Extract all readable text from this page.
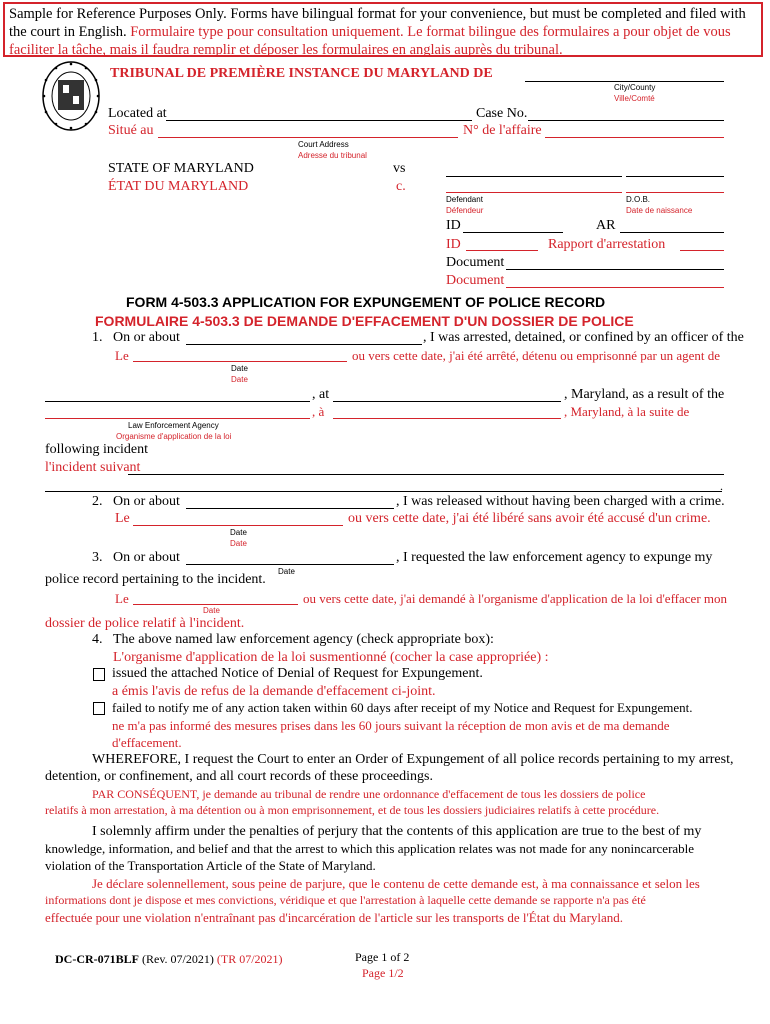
Sample for Reference Purposes Only. Forms have bilingual format for your convenience, but must be completed and filed with the court in English. Formulaire type pour consultation uniquement. Le format bilingue des formulaires a pour objet de vous faciliter la tâche, mais il faudra remplir et déposer les formulaires en anglais auprès du tribunal.
TRIBUNAL DE PREMIÈRE INSTANCE DU MARYLAND DE
City/County
Ville/Comté
Located at	Case No.
Situé au	N° de l'affaire
Court Address
Adresse du tribunal
STATE OF MARYLAND
ÉTAT DU MARYLAND
vs
c.
Defendant
Défendeur
D.O.B.
Date de naissance
ID	AR
ID	Rapport d'arrestation
Document
Document
FORM 4-503.3 APPLICATION FOR EXPUNGEMENT OF POLICE RECORD
FORMULAIRE 4-503.3 DE DEMANDE D'EFFACEMENT D'UN DOSSIER DE POLICE
1. On or about	, I was arrested, detained, or confined by an officer of the
Le	ou vers cette date, j'ai été arrêté, détenu ou emprisonné par un agent de
Date
Date
, at	, Maryland, as a result of the
, à	, Maryland, à la suite de
Law Enforcement Agency
Organisme d'application de la loi
following incident
l'incident suivant
.
2. On or about	, I was released without having been charged with a crime.
Le	ou vers cette date, j'ai été libéré sans avoir été accusé d'un crime.
Date
Date
3. On or about	, I requested the law enforcement agency to expunge my
Date
police record pertaining to the incident.
Le	ou vers cette date, j'ai demandé à l'organisme d'application de la loi d'effacer mon
Date
dossier de police relatif à l'incident.
4. The above named law enforcement agency (check appropriate box):
L'organisme d'application de la loi susmentionné (cocher la case appropriée) :
issued the attached Notice of Denial of Request for Expungement.
a émis l'avis de refus de la demande d'effacement ci-joint.
failed to notify me of any action taken within 60 days after receipt of my Notice and Request for Expungement.
ne m'a pas informé des mesures prises dans les 60 jours suivant la réception de mon avis et de ma demande
d'effacement.
WHEREFORE, I request the Court to enter an Order of Expungement of all police records pertaining to my arrest,
detention, or confinement, and all court records of these proceedings.
PAR CONSÉQUENT, je demande au tribunal de rendre une ordonnance d'effacement de tous les dossiers de police
relatifs à mon arrestation, à ma détention ou à mon emprisonnement, et de tous les dossiers judiciaires relatifs à cette procédure.
I solemnly affirm under the penalties of perjury that the contents of this application are true to the best of my
knowledge, information, and belief and that the arrest to which this application relates was not made for any nonincarcerable
violation of the Transportation Article of the State of Maryland.
Je déclare solennellement, sous peine de parjure, que le contenu de cette demande est, à ma connaissance et selon les
informations dont je dispose et mes convictions, véridique et que l'arrestation à laquelle cette demande se rapporte n'a pas été
effectuée pour une violation n'entraînant pas d'incarcération de l'article sur les transports de l'État du Maryland.
DC-CR-071BLF (Rev. 07/2021) (TR 07/2021)	Page 1 of 2
Page 1/2
